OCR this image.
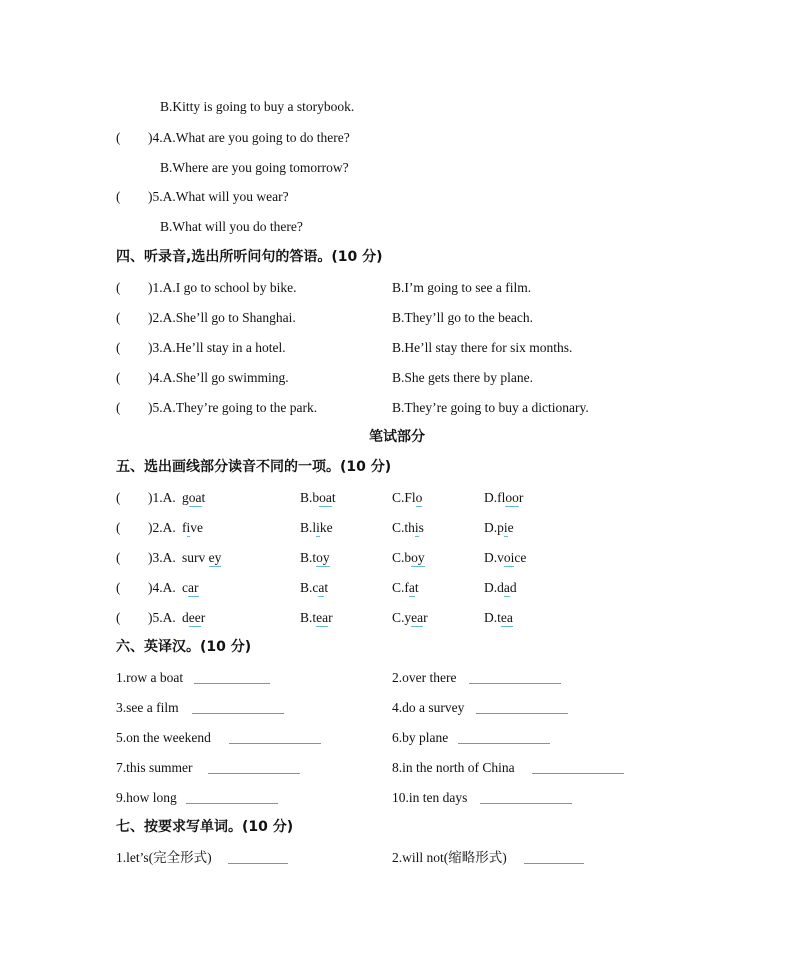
B.Kitty is going to buy a storybook.
( )4.A.What are you going to do there?
B.Where are you going tomorrow?
( )5.A.What will you wear?
B.What will you do there?
四、听录音,选出所听问句的答语。(10 分)
( )1.A.I go to school by bike.	B.I’m going to see a film.
( )2.A.She’ll go to Shanghai.	B.They’ll go to the beach.
( )3.A.He’ll stay in a hotel.	B.He’ll stay there for six months.
( )4.A.She’ll go swimming.	B.She gets there by plane.
( )5.A.They’re going to the park.	B.They’re going to buy a dictionary.
笔试部分
五、选出画线部分读音不同的一项。(10 分)
( )1.A. goat	B.boat	C.Flo	D.floor
( )2.A. five	B.like	C.this	D.pie
( )3.A. surv ey	B.toy	C.boy	D.voice
( )4.A. car	B.cat	C.fat	D.dad
( )5.A. deer	B.tear	C.year	D.tea
六、英译汉。(10 分)
1.row a boat	2.over there
3.see a film	4.do a survey
5.on the weekend	6.by plane
7.this summer	8.in the north of China
9.how long	10.in ten days
七、按要求写单词。(10 分)
1.let’s(完全形式)	2.will not(缩略形式)
